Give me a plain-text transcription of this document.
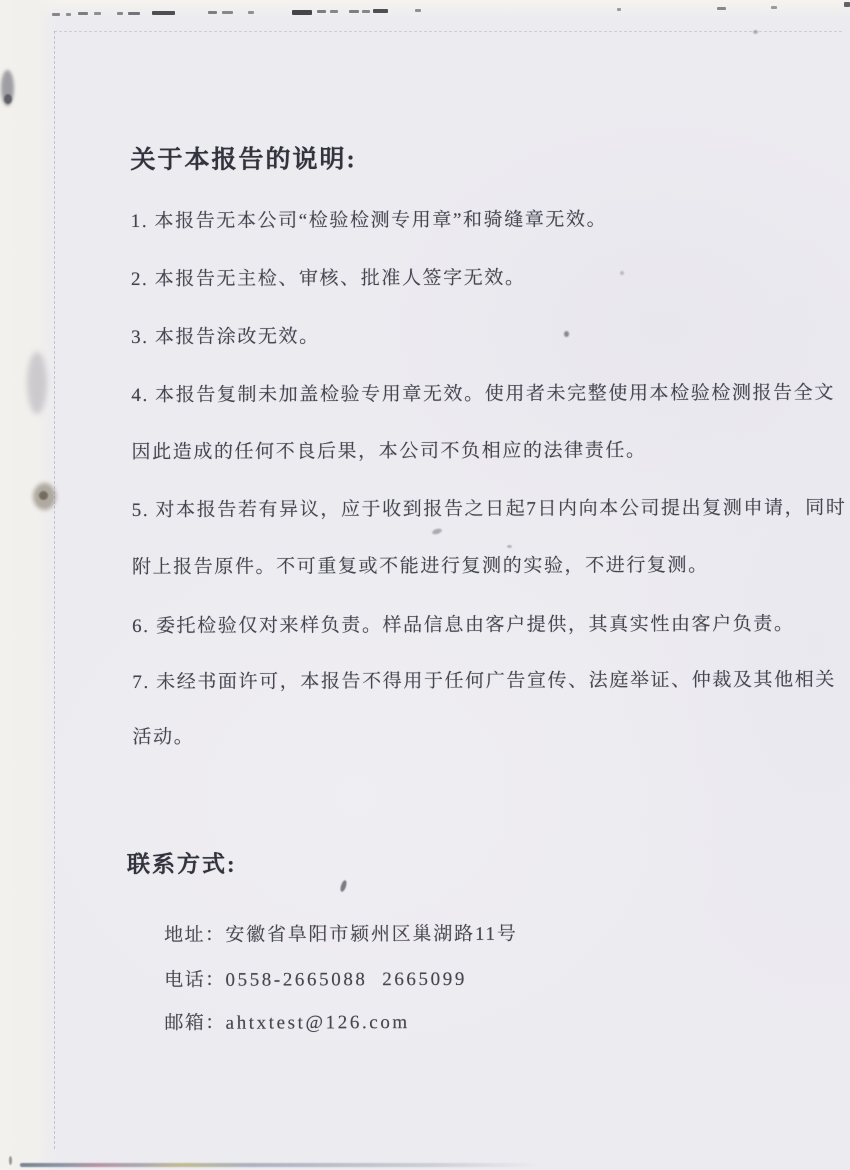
关于本报告的说明:
1. 本报告无本公司“检验检测专用章”和骑缝章无效。
2. 本报告无主检、审核、批准人签字无效。
3. 本报告涂改无效。
4. 本报告复制未加盖检验专用章无效。使用者未完整使用本检验检测报告全文
因此造成的任何不良后果，本公司不负相应的法律责任。
5. 对本报告若有异议，应于收到报告之日起7日内向本公司提出复测申请，同时
附上报告原件。不可重复或不能进行复测的实验，不进行复测。
6. 委托检验仅对来样负责。样品信息由客户提供，其真实性由客户负责。
7. 未经书面许可，本报告不得用于任何广告宣传、法庭举证、仲裁及其他相关
活动。
联系方式:

地址：安徽省阜阳市颍州区巢湖路11号

电话：0558-2665088  2665099

邮箱：ahtxtest@126.com
